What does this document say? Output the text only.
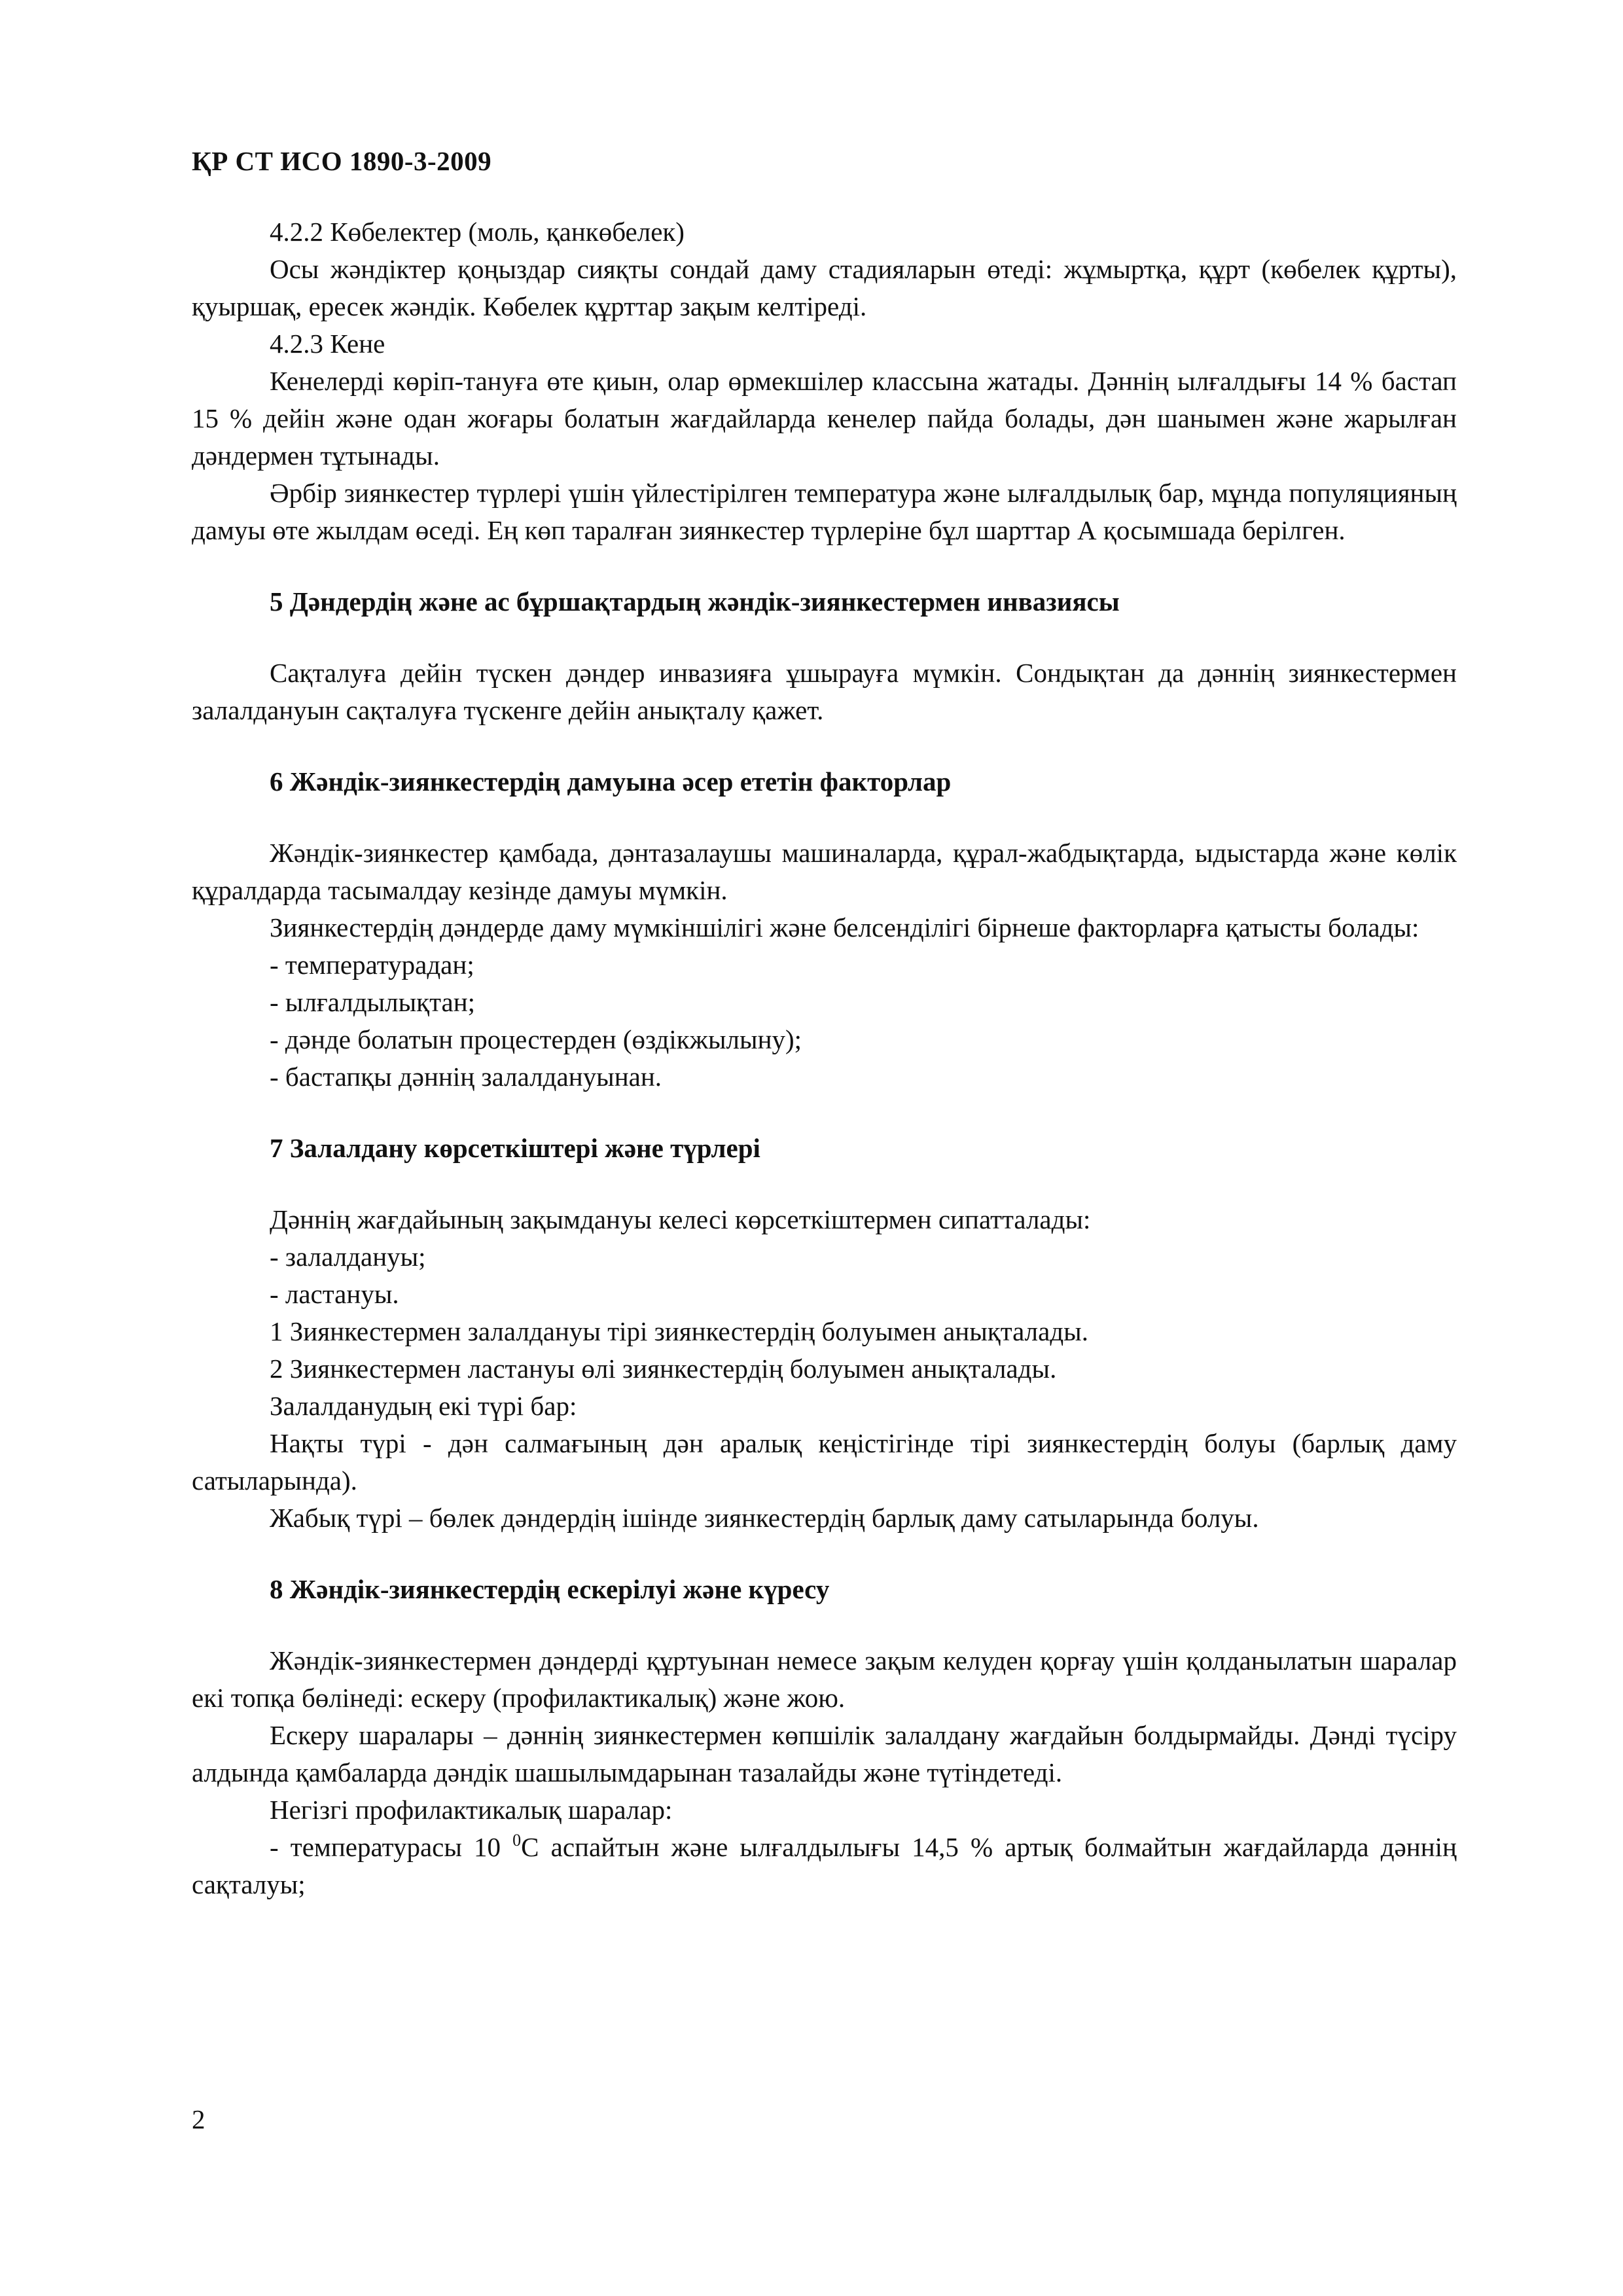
ҚР СТ ИСО 1890-3-2009

4.2.2 Көбелектер (моль, қанкөбелек)

Осы жәндіктер қоңыздар сияқты сондай даму стадияларын өтеді: жұмыртқа, құрт (көбелек құрты), қуыршақ, ересек жәндік. Көбелек құрттар зақым келтіреді.

4.2.3 Кене

Кенелерді көріп-тануға өте қиын, олар өрмекшілер классына жатады. Дәннің ылғалдығы 14 % бастап 15 % дейін және одан жоғары болатын жағдайларда кенелер пайда болады, дән шанымен және жарылған дәндермен тұтынады.

Әрбір зиянкестер түрлері үшін үйлестірілген температура және ылғалдылық бар, мұнда популяцияның дамуы өте жылдам өседі. Ең көп таралған зиянкестер түрлеріне бұл шарттар А қосымшада берілген.

5 Дәндердің және ас бұршақтардың жәндік-зиянкестермен инвазиясы

Сақталуға дейін түскен дәндер инвазияға ұшырауға мүмкін. Сондықтан да дәннің зиянкестермен залалдануын сақталуға түскенге дейін анықталу қажет.

6 Жәндік-зиянкестердің дамуына әсер ететін факторлар

Жәндік-зиянкестер қамбада, дәнтазалаушы машиналарда, құрал-жабдықтарда, ыдыстарда және көлік құралдарда тасымалдау кезінде дамуы мүмкін.

Зиянкестердің дәндерде даму мүмкіншілігі және белсенділігі бірнеше факторларға қатысты болады:

- температурадан;

- ылғалдылықтан;

- дәнде болатын процестерден (өздікжылыну);

- бастапқы дәннің залалдануынан.

7 Залалдану көрсеткіштері және түрлері

Дәннің жағдайының зақымдануы келесі көрсеткіштермен сипатталады:

- залалдануы;

- ластануы.

1 Зиянкестермен залалдануы тірі зиянкестердің болуымен анықталады.

2 Зиянкестермен ластануы өлі зиянкестердің болуымен анықталады.

Залалданудың екі түрі бар:

Нақты түрі - дән салмағының дән аралық кеңістігінде тірі зиянкестердің болуы (барлық даму сатыларында).

Жабық түрі – бөлек дәндердің ішінде зиянкестердің барлық даму сатыларында болуы.

8 Жәндік-зиянкестердің ескерілуі және күресу

Жәндік-зиянкестермен дәндерді құртуынан немесе зақым келуден қорғау үшін қолданылатын шаралар екі топқа бөлінеді: ескеру (профилактикалық) және жою.

Ескеру шаралары – дәннің зиянкестермен көпшілік залалдану жағдайын болдырмайды. Дәнді түсіру алдында қамбаларда дәндік шашылымдарынан тазалайды және түтіндетеді.

Негізгі профилактикалық шаралар:

- температурасы 10 $^0$С аспайтын және ылғалдылығы 14,5 % артық болмайтын жағдайларда дәннің сақталуы;

2
